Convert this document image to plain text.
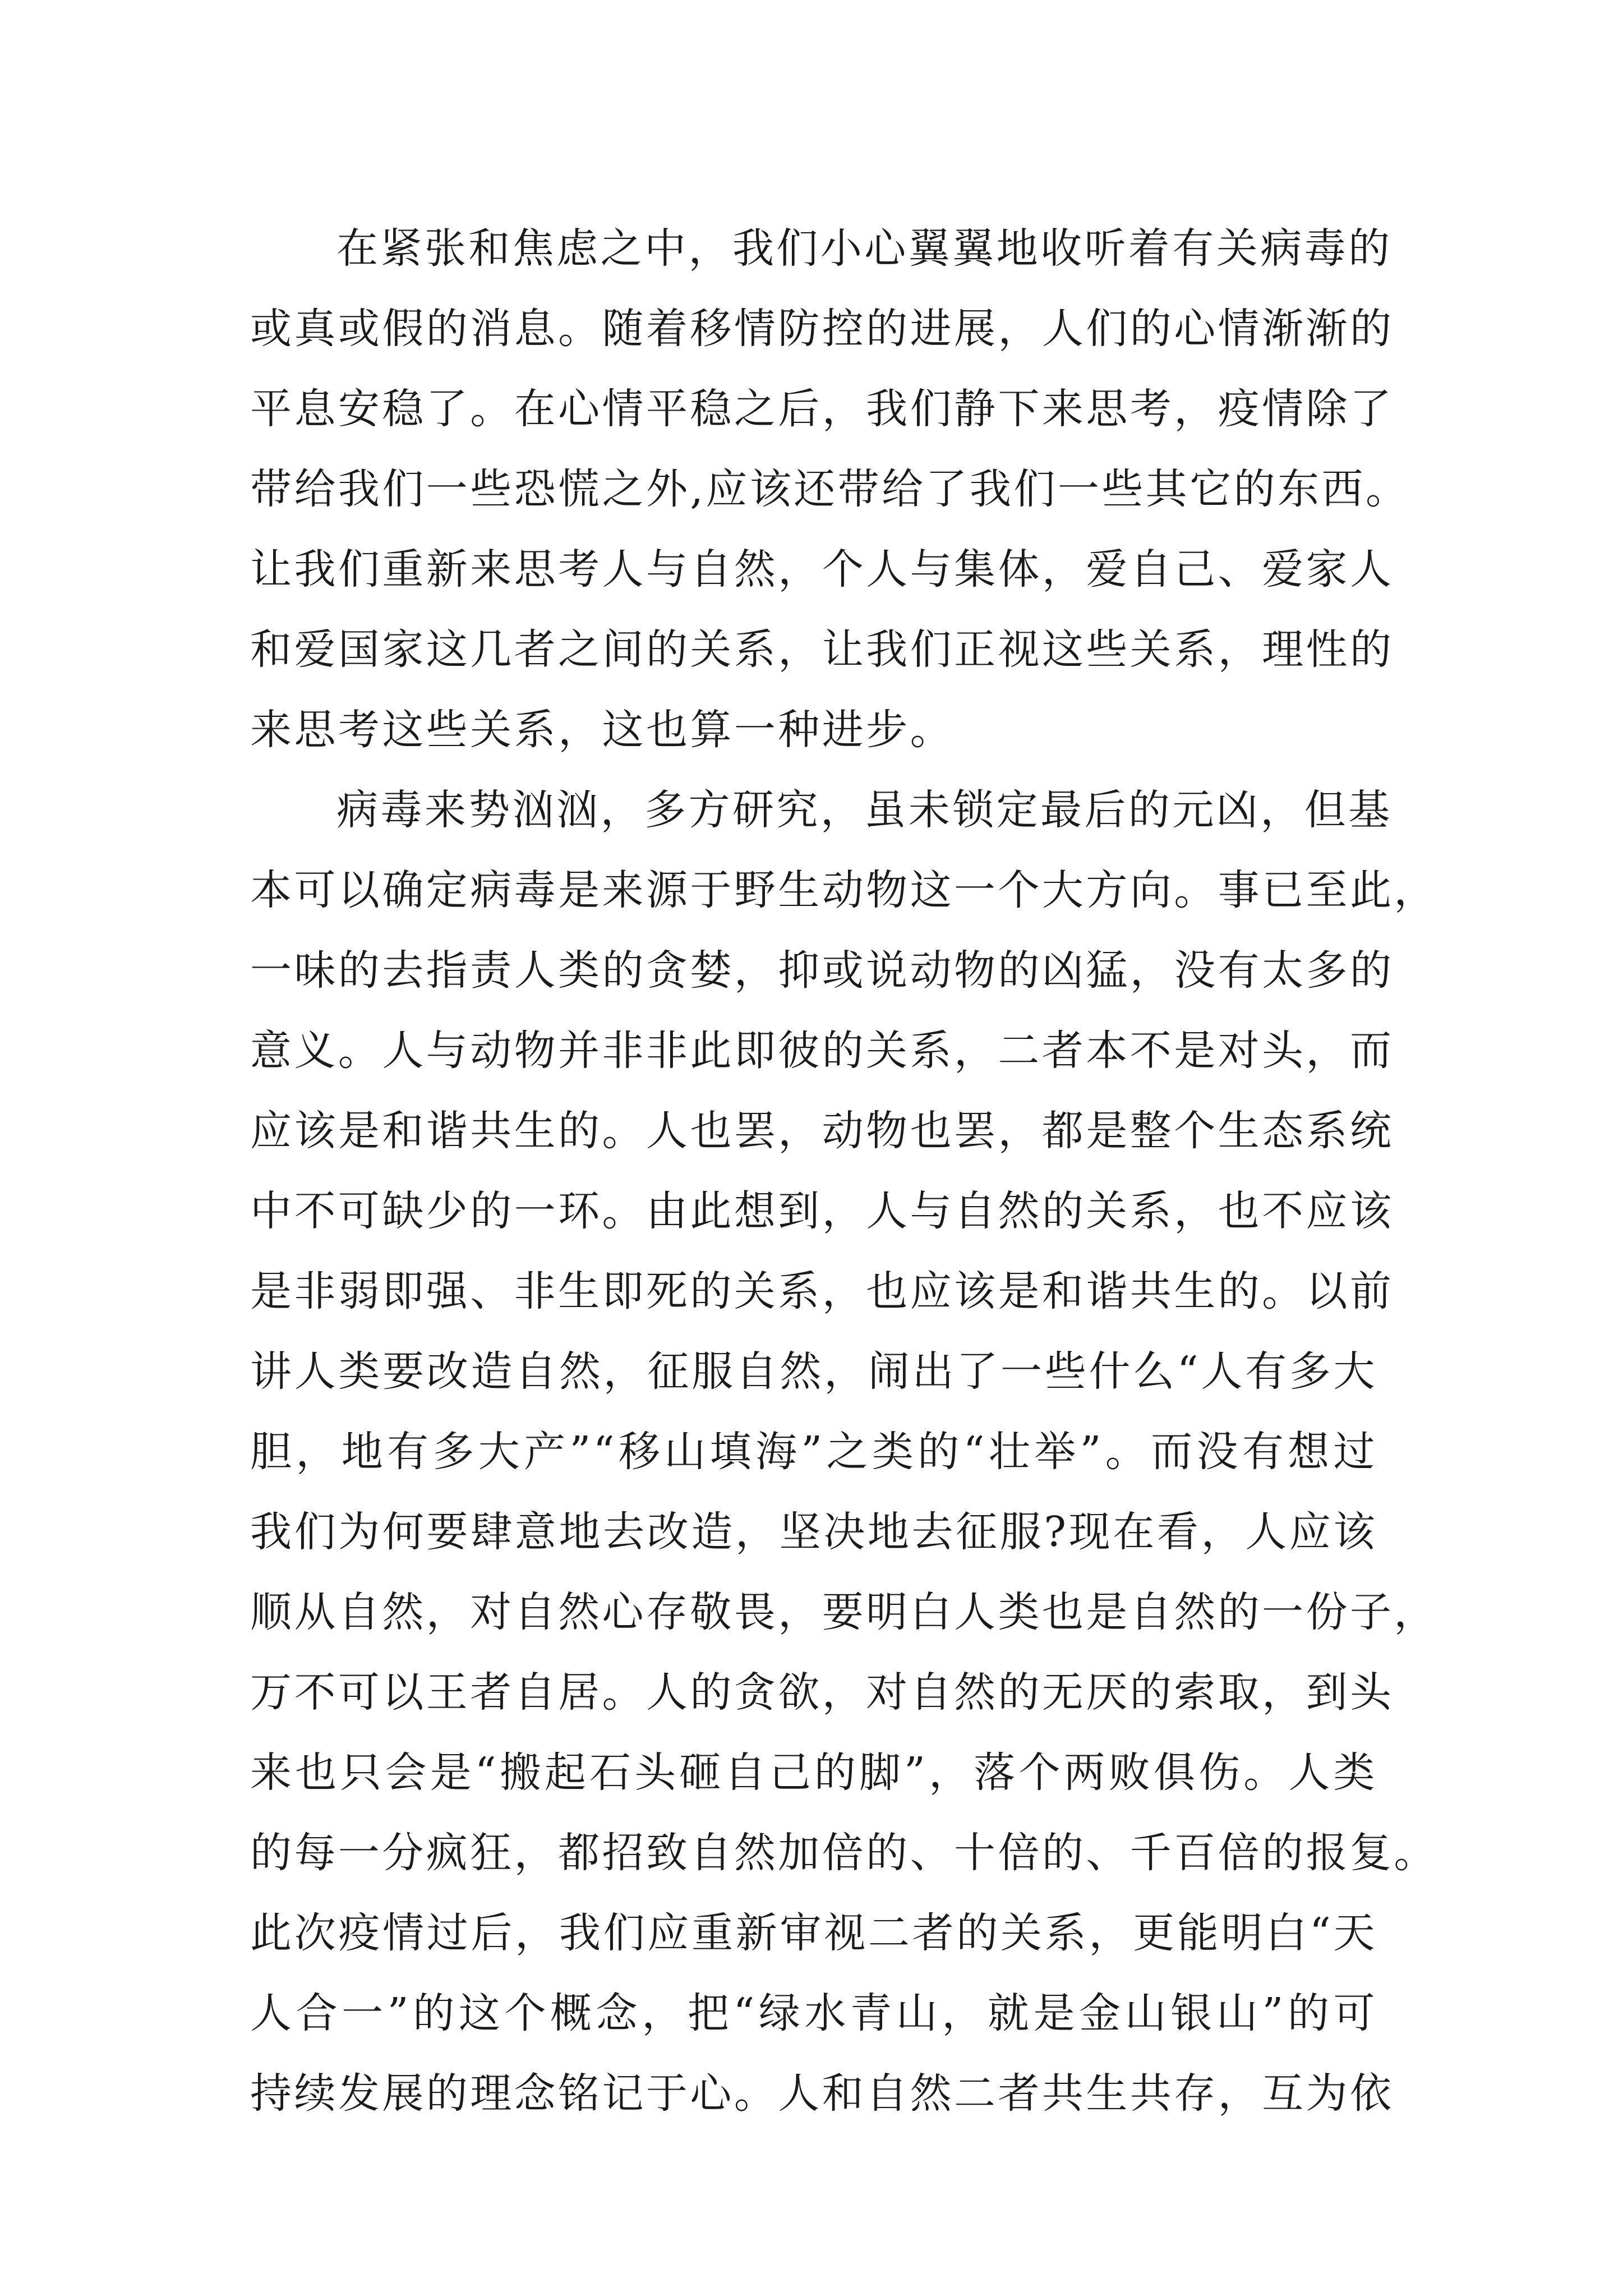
在紧张和焦虑之中，我们小心翼翼地收听着有关病毒的
或真或假的消息。随着移情防控的进展，人们的心情渐渐的
平息安稳了。在心情平稳之后，我们静下来思考，疫情除了
带给我们一些恐慌之外,应该还带给了我们一些其它的东西。
让我们重新来思考人与自然，个人与集体，爱自己、爱家人
和爱国家这几者之间的关系，让我们正视这些关系，理性的
来思考这些关系，这也算一种进步。
病毒来势汹汹，多方研究，虽未锁定最后的元凶，但基
本可以确定病毒是来源于野生动物这一个大方向。事已至此，
一味的去指责人类的贪婪，抑或说动物的凶猛，没有太多的
意义。人与动物并非非此即彼的关系，二者本不是对头，而
应该是和谐共生的。人也罢，动物也罢，都是整个生态系统
中不可缺少的一环。由此想到，人与自然的关系，也不应该
是非弱即强、非生即死的关系，也应该是和谐共生的。以前
讲人类要改造自然，征服自然，闹出了一些什么“人有多大
胆，地有多大产”“移山填海”之类的“壮举”。而没有想过
我们为何要肆意地去改造，坚决地去征服?现在看，人应该
顺从自然，对自然心存敬畏，要明白人类也是自然的一份子，
万不可以王者自居。人的贪欲，对自然的无厌的索取，到头
来也只会是“搬起石头砸自己的脚”，落个两败俱伤。人类
的每一分疯狂，都招致自然加倍的、十倍的、千百倍的报复。
此次疫情过后，我们应重新审视二者的关系，更能明白“天
人合一”的这个概念，把“绿水青山，就是金山银山”的可
持续发展的理念铭记于心。人和自然二者共生共存，互为依
